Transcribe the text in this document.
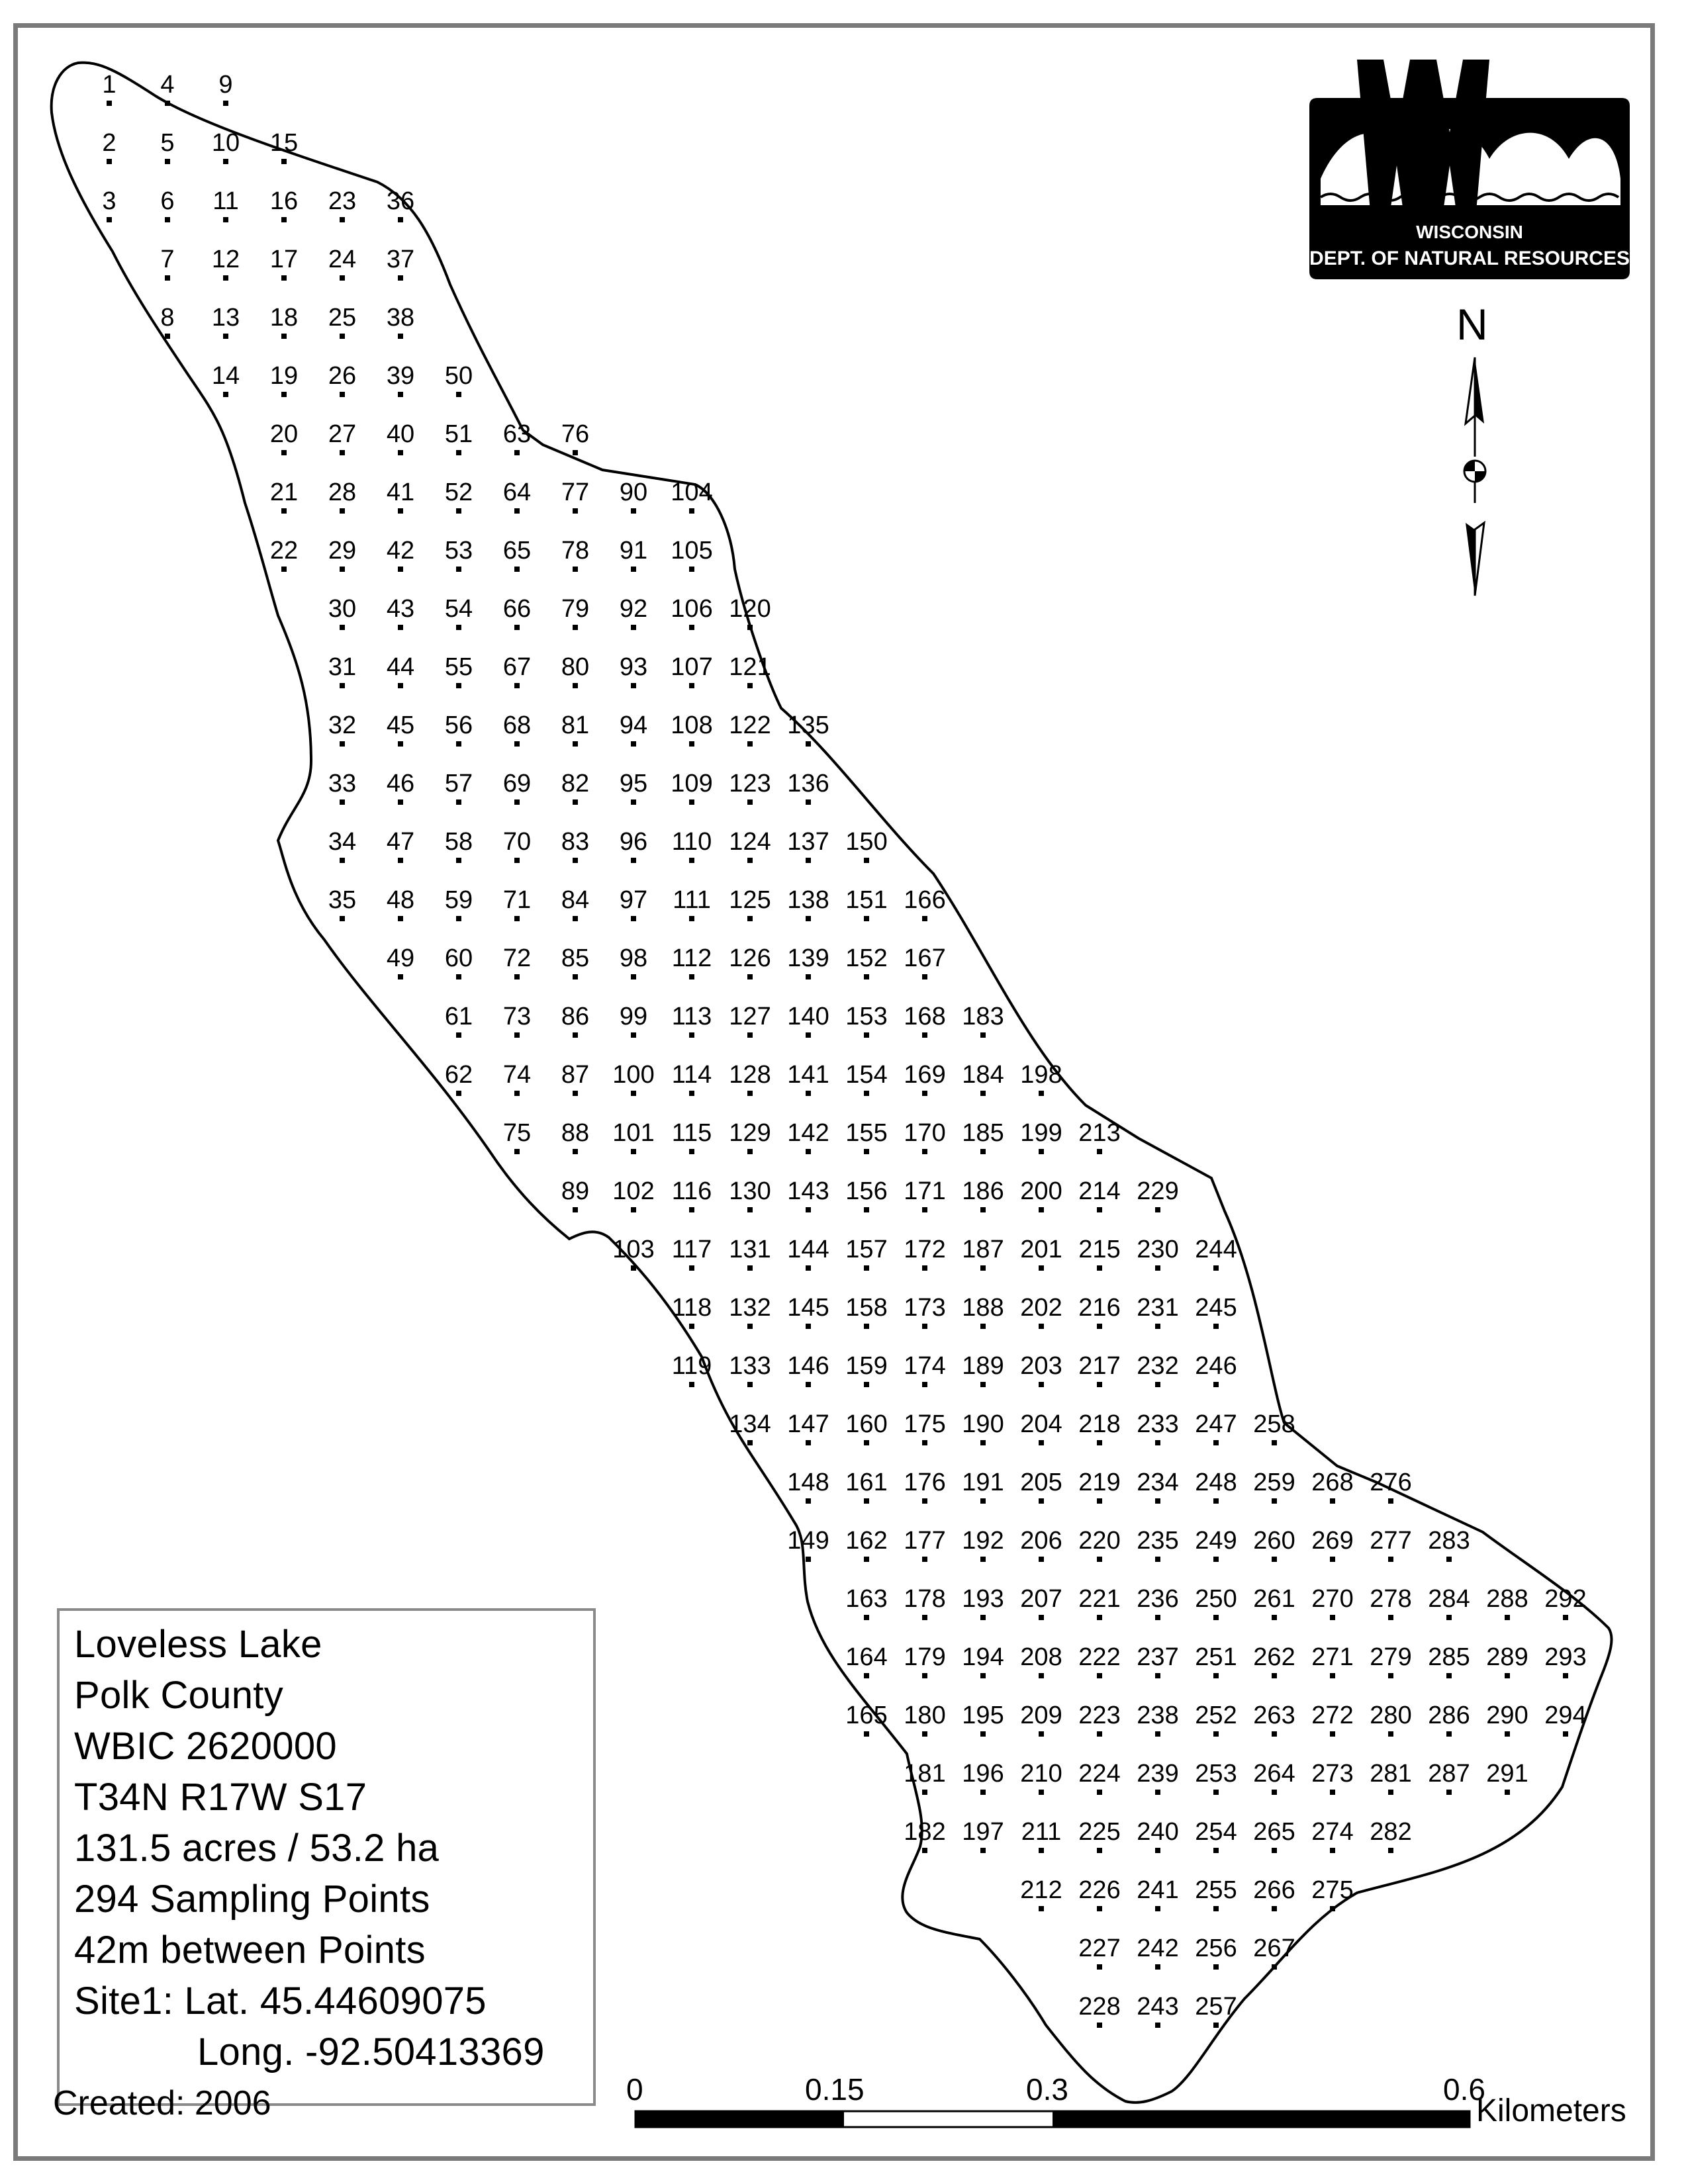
1 4 9
2 5 10 15
3 6 11 16 23 36
7 12 17 24 37
8 13 18 25 38
14 19 26 39 50
20 27 40 51 63 76
21 28 41 52 64 77 90 104
22 29 42 53 65 78 91 105
30 43 54 66 79 92 106 120
31 44 55 67 80 93 107 121
32 45 56 68 81 94 108 122 135
33 46 57 69 82 95 109 123 136
34 47 58 70 83 96 110 124 137 150
35 48 59 71 84 97 111 125 138 151 166
49 60 72 85 98 112 126 139 152 167
61 73 86 99 113 127 140 153 168 183
62 74 87 100 114 128 141 154 169 184 198
75 88 101 115 129 142 155 170 185 199 213
89 102 116 130 143 156 171 186 200 214 229
103 117 131 144 157 172 187 201 215 230 244
118 132 145 158 173 188 202 216 231 245
119 133 146 159 174 189 203 217 232 246
134 147 160 175 190 204 218 233 247 258
148 161 176 191 205 219 234 248 259 268 276
149 162 177 192 206 220 235 249 260 269 277 283
163 178 193 207 221 236 250 261 270 278 284 288 292
164 179 194 208 222 237 251 262 271 279 285 289 293
165 180 195 209 223 238 252 263 272 280 286 290 294
181 196 210 224 239 253 264 273 281 287 291
182 197 211 225 240 254 265 274 282
212 226 241 255 266 275
227 242 256 267
228 243 257
WISCONSIN
DEPT. OF NATURAL RESOURCES
N
0	0.15	0.3	0.6
Kilometers
Loveless Lake
Polk County
WBIC 2620000
T34N R17W S17
131.5 acres / 53.2 ha
294 Sampling Points
42m between Points
Site1: Lat. 45.44609075
Long. -92.50413369
Created: 2006
